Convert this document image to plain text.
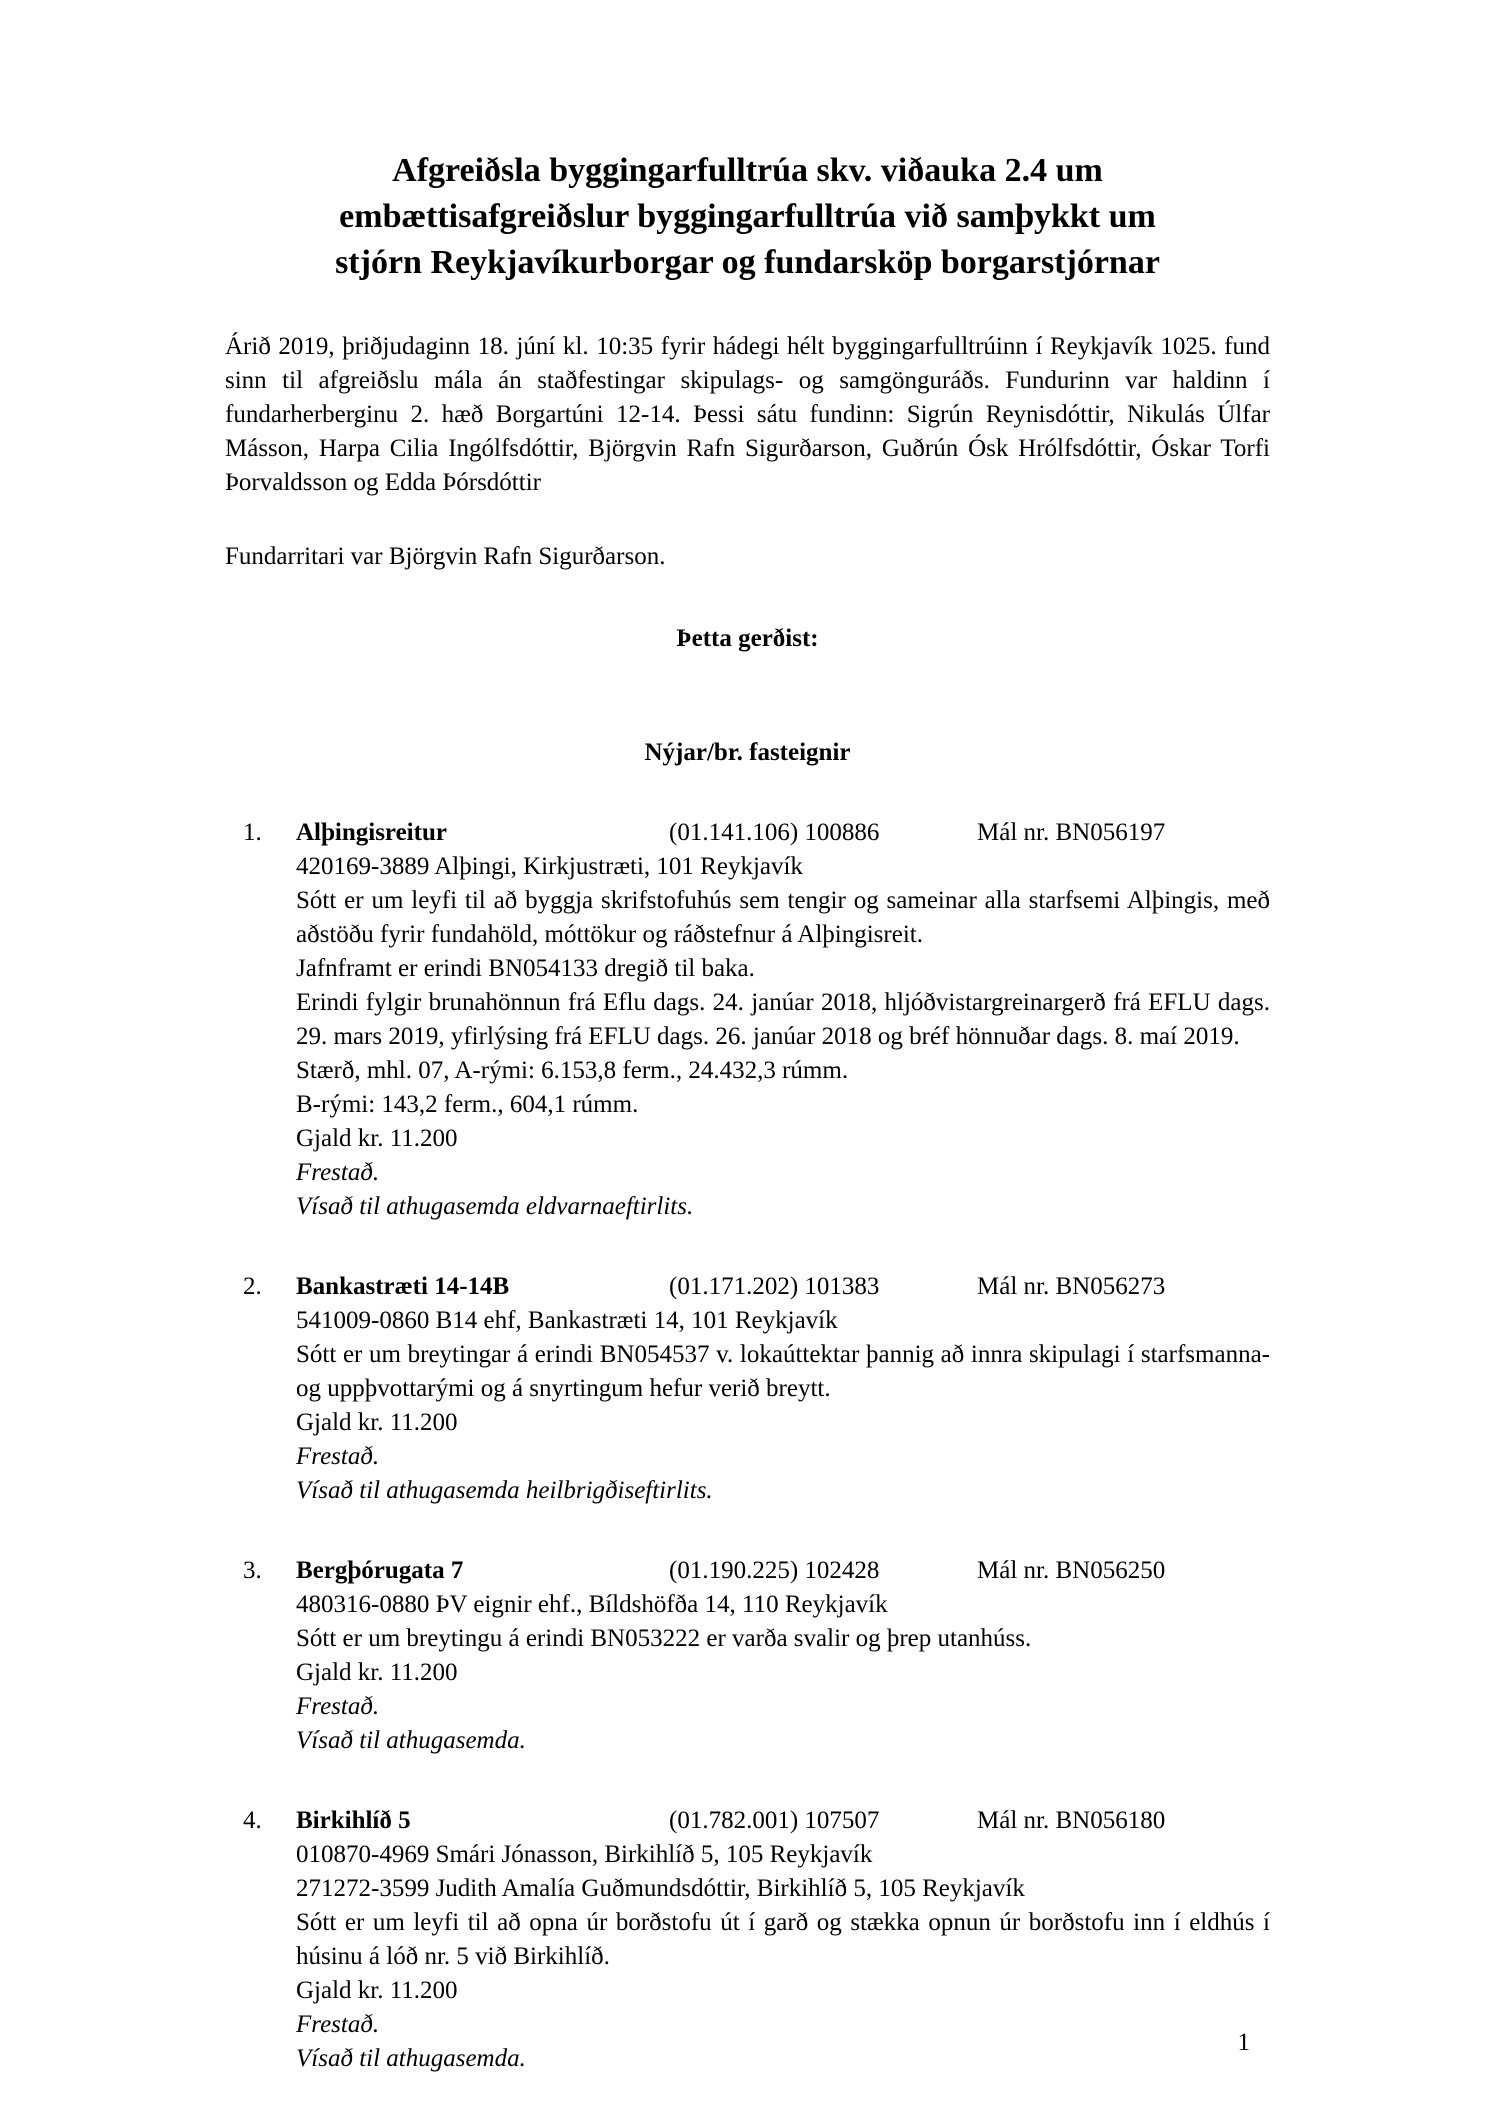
Afgreiðsla byggingarfulltrúa skv. viðauka 2.4 um
embættisafgreiðslur byggingarfulltrúa við samþykkt um
stjórn Reykjavíkurborgar og fundarsköp borgarstjórnar
Árið 2019, þriðjudaginn 18. júní kl. 10:35 fyrir hádegi hélt byggingarfulltrúinn í Reykjavík 1025. fund sinn til afgreiðslu mála án staðfestingar skipulags- og samgönguráðs. Fundurinn var haldinn í fundarherberginu 2. hæð Borgartúni 12-14. Þessi sátu fundinn: Sigrún Reynisdóttir, Nikulás Úlfar Másson, Harpa Cilia Ingólfsdóttir, Björgvin Rafn Sigurðarson, Guðrún Ósk Hrólfsdóttir, Óskar Torfi Þorvaldsson og Edda Þórsdóttir
Fundarritari var Björgvin Rafn Sigurðarson.
Þetta gerðist:
Nýjar/br. fasteignir
1.	Alþingisreitur	(01.141.106) 100886	Mál nr. BN056197
420169-3889 Alþingi, Kirkjustræti, 101 Reykjavík
Sótt er um leyfi til að byggja skrifstofuhús sem tengir og sameinar alla starfsemi Alþingis, með aðstöðu fyrir fundahöld, móttökur og ráðstefnur á Alþingisreit.
Jafnframt er erindi BN054133 dregið til baka.
Erindi fylgir brunahönnun frá Eflu dags. 24. janúar 2018, hljóðvistargreinargerð frá EFLU dags. 29. mars 2019, yfirlýsing frá EFLU dags. 26. janúar 2018 og bréf hönnuðar dags. 8. maí 2019.
Stærð, mhl. 07, A-rými: 6.153,8 ferm., 24.432,3 rúmm.
B-rými: 143,2 ferm., 604,1 rúmm.
Gjald kr. 11.200
Frestað.
Vísað til athugasemda eldvarnaeftirlits.
2.	Bankastræti 14-14B	(01.171.202) 101383	Mál nr. BN056273
541009-0860 B14 ehf, Bankastræti 14, 101 Reykjavík
Sótt er um breytingar á erindi BN054537 v. lokaúttektar þannig að innra skipulagi í starfsmanna- og uppþvottarými og á snyrtingum hefur verið breytt.
Gjald kr. 11.200
Frestað.
Vísað til athugasemda heilbrigðiseftirlits.
3.	Bergþórugata 7	(01.190.225) 102428	Mál nr. BN056250
480316-0880 ÞV eignir ehf., Bíldshöfða 14, 110 Reykjavík
Sótt er um breytingu á erindi BN053222 er varða svalir og þrep utanhúss.
Gjald kr. 11.200
Frestað.
Vísað til athugasemda.
4.	Birkihlíð 5	(01.782.001) 107507	Mál nr. BN056180
010870-4969 Smári Jónasson, Birkihlíð 5, 105 Reykjavík
271272-3599 Judith Amalía Guðmundsdóttir, Birkihlíð 5, 105 Reykjavík
Sótt er um leyfi til að opna úr borðstofu út í garð og stækka opnun úr borðstofu inn í eldhús í húsinu á lóð nr. 5 við Birkihlíð.
Gjald kr. 11.200
Frestað.
Vísað til athugasemda.
1
